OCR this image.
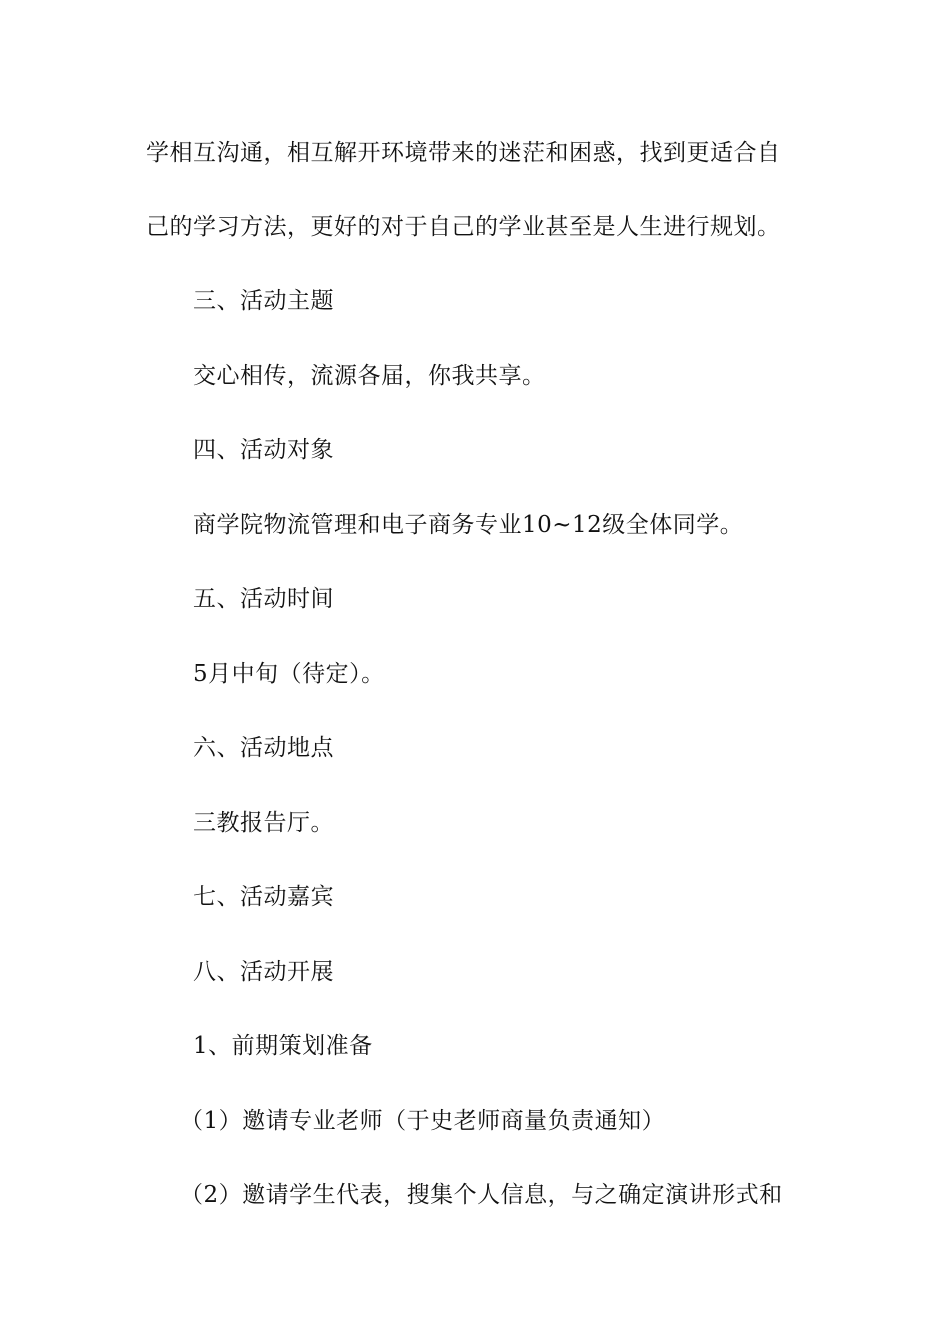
学相互沟通，相互解开环境带来的迷茫和困惑，找到更适合自
己的学习方法，更好的对于自己的学业甚至是人生进行规划。
三、活动主题
交心相传，流源各届，你我共享。
四、活动对象
商学院物流管理和电子商务专业10~12级全体同学。
五、活动时间
5月中旬（待定）。
六、活动地点
三教报告厅。
七、活动嘉宾
八、活动开展
1、前期策划准备
（1）邀请专业老师（于史老师商量负责通知）
（2）邀请学生代表，搜集个人信息，与之确定演讲形式和
